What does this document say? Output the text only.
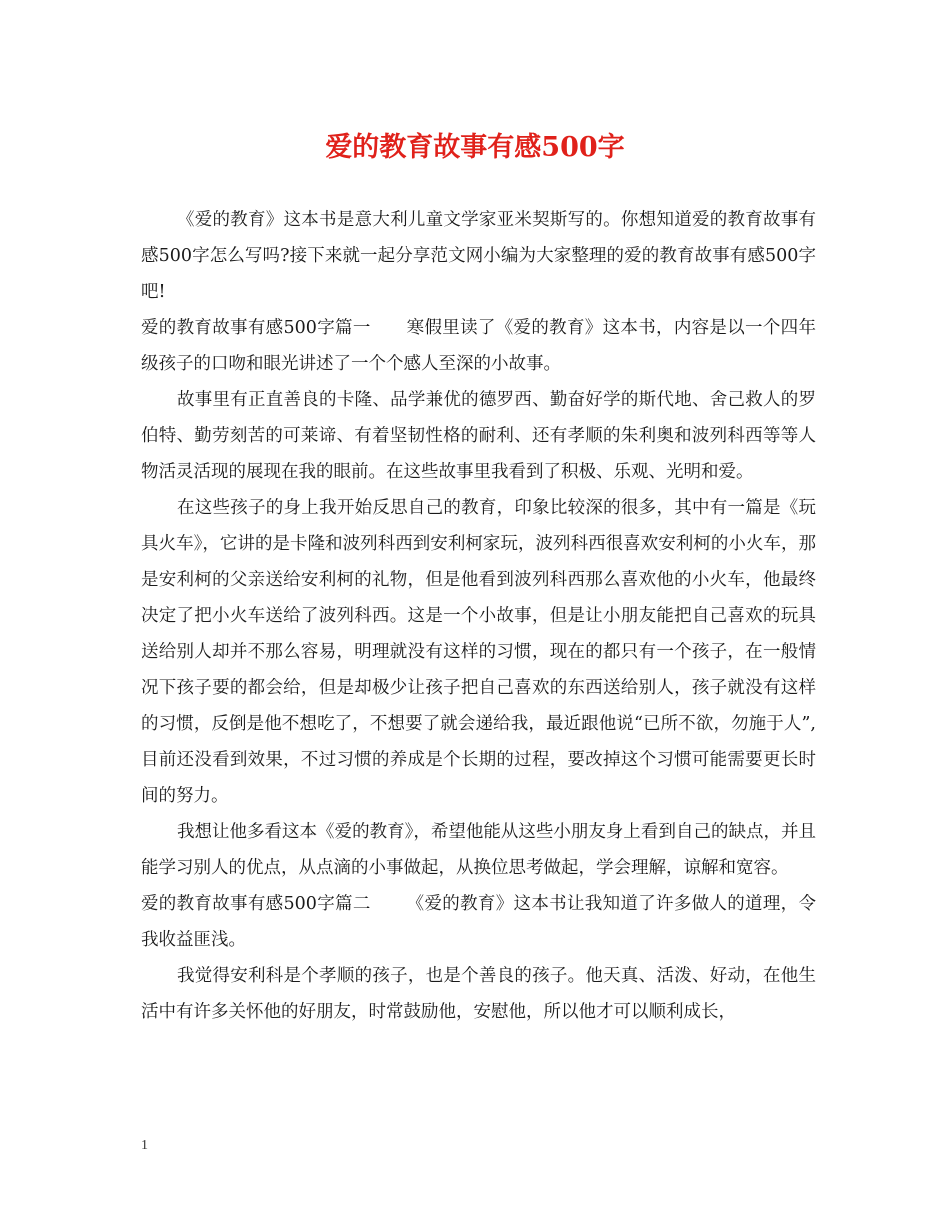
爱的教育故事有感500字

《爱的教育》这本书是意大利儿童文学家亚米契斯写的。你想知道爱的教育故事有感500字怎么写吗?接下来就一起分享范文网小编为大家整理的爱的教育故事有感500字吧!

爱的教育故事有感500字篇一 寒假里读了《爱的教育》这本书，内容是以一个四年级孩子的口吻和眼光讲述了一个个感人至深的小故事。

故事里有正直善良的卡隆、品学兼优的德罗西、勤奋好学的斯代地、舍己救人的罗伯特、勤劳刻苦的可莱谛、有着坚韧性格的耐利、还有孝顺的朱利奥和波列科西等等人物活灵活现的展现在我的眼前。在这些故事里我看到了积极、乐观、光明和爱。

在这些孩子的身上我开始反思自己的教育，印象比较深的很多，其中有一篇是《玩具火车》，它讲的是卡隆和波列科西到安利柯家玩，波列科西很喜欢安利柯的小火车，那是安利柯的父亲送给安利柯的礼物，但是他看到波列科西那么喜欢他的小火车，他最终决定了把小火车送给了波列科西。这是一个小故事，但是让小朋友能把自己喜欢的玩具送给别人却并不那么容易，明理就没有这样的习惯，现在的都只有一个孩子，在一般情况下孩子要的都会给，但是却极少让孩子把自己喜欢的东西送给别人，孩子就没有这样的习惯，反倒是他不想吃了，不想要了就会递给我，最近跟他说“已所不欲，勿施于人”,目前还没看到效果，不过习惯的养成是个长期的过程，要改掉这个习惯可能需要更长时间的努力。

我想让他多看这本《爱的教育》，希望他能从这些小朋友身上看到自己的缺点，并且能学习别人的优点，从点滴的小事做起，从换位思考做起，学会理解，谅解和宽容。

爱的教育故事有感500字篇二 《爱的教育》这本书让我知道了许多做人的道理，令我收益匪浅。

我觉得安利科是个孝顺的孩子，也是个善良的孩子。他天真、活泼、好动，在他生活中有许多关怀他的好朋友，时常鼓励他，安慰他，所以他才可以顺利成长，

1
